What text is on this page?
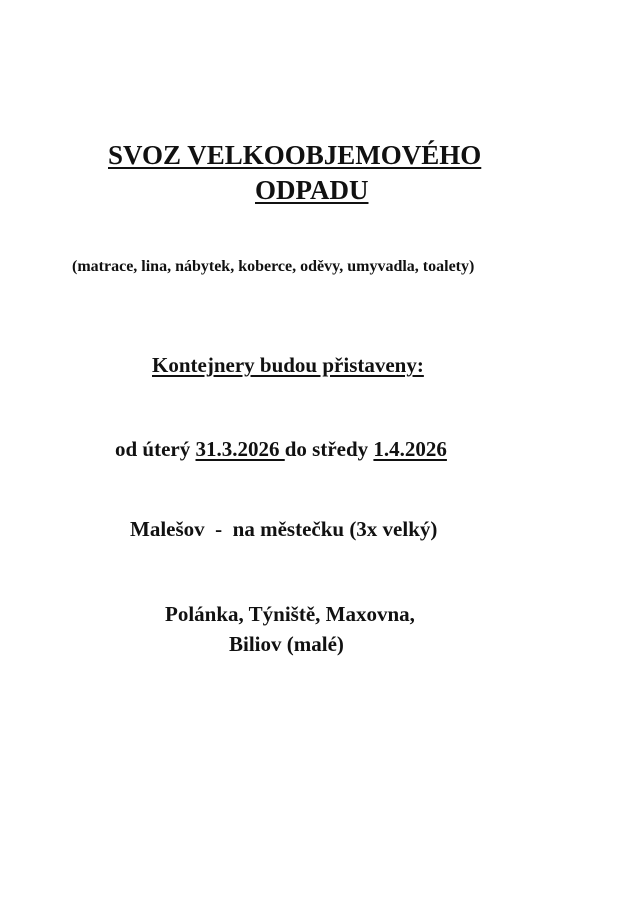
SVOZ VELKOOBJEMOVÉHO
ODPADU
(matrace, lina, nábytek, koberce, oděvy, umyvadla, toalety)
Kontejnery budou přistaveny:
od úterý 31.3.2026 do středy 1.4.2026
Malešov  -  na městečku (3x velký)
Polánka, Týniště, Maxovna,
Biliov (malé)
